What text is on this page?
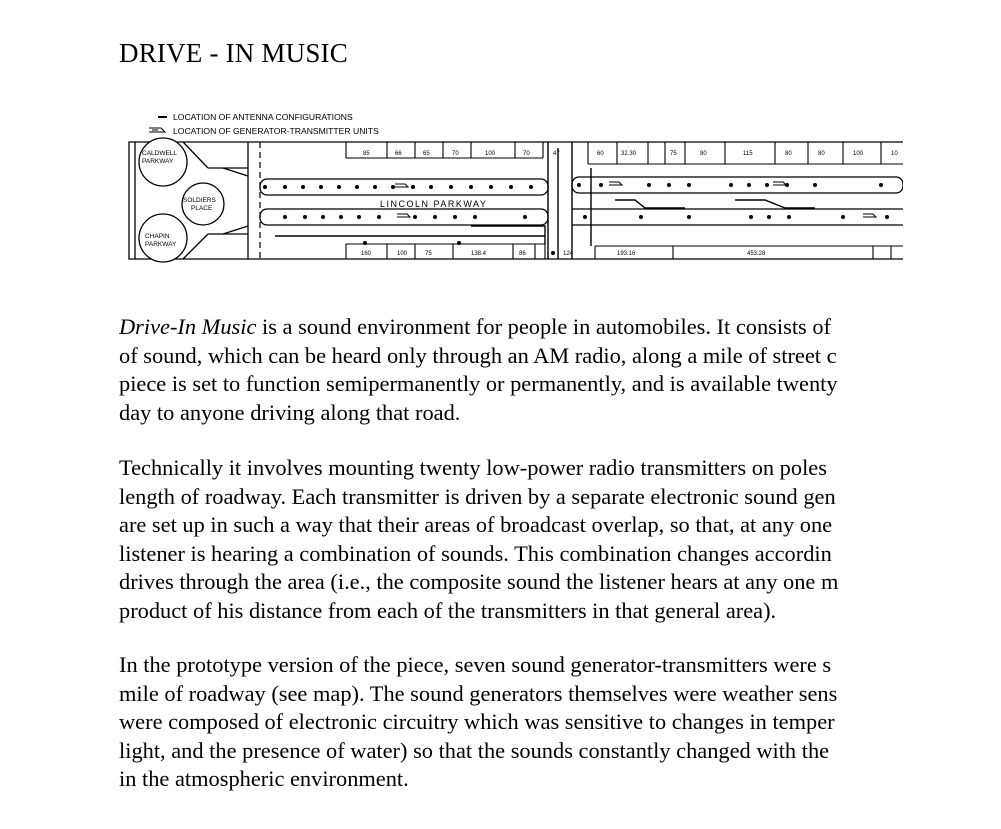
DRIVE - IN MUSIC
LOCATION OF ANTENNA CONFIGURATIONS
LOCATION OF GENERATOR-TRANSMITTER UNITS
CALDWELL
PARKWAY
SOLDIERS
PLACE
CHAPIN
PARKWAY
LINCOLN PARKWAY
85	66	65	70	100	70	47	60	32.30	75	80	115	80	80	100	10
160	100	75	138.4	86	124	193.16	453.28
Drive-In Music is a sound environment for people in automobiles. It consists of
of sound, which can be heard only through an AM radio, along a mile of street c
piece is set to function semipermanently or permanently, and is available twenty
day to anyone driving along that road.
Technically it involves mounting twenty low-power radio transmitters on poles
length of roadway. Each transmitter is driven by a separate electronic sound gen
are set up in such a way that their areas of broadcast overlap, so that, at any one
listener is hearing a combination of sounds. This combination changes accordin
drives through the area (i.e., the composite sound the listener hears at any one m
product of his distance from each of the transmitters in that general area).
In the prototype version of the piece, seven sound generator-transmitters were s
mile of roadway (see map). The sound generators themselves were weather sens
were composed of electronic circuitry which was sensitive to changes in temper
light, and the presence of water) so that the sounds constantly changed with the
in the atmospheric environment.
